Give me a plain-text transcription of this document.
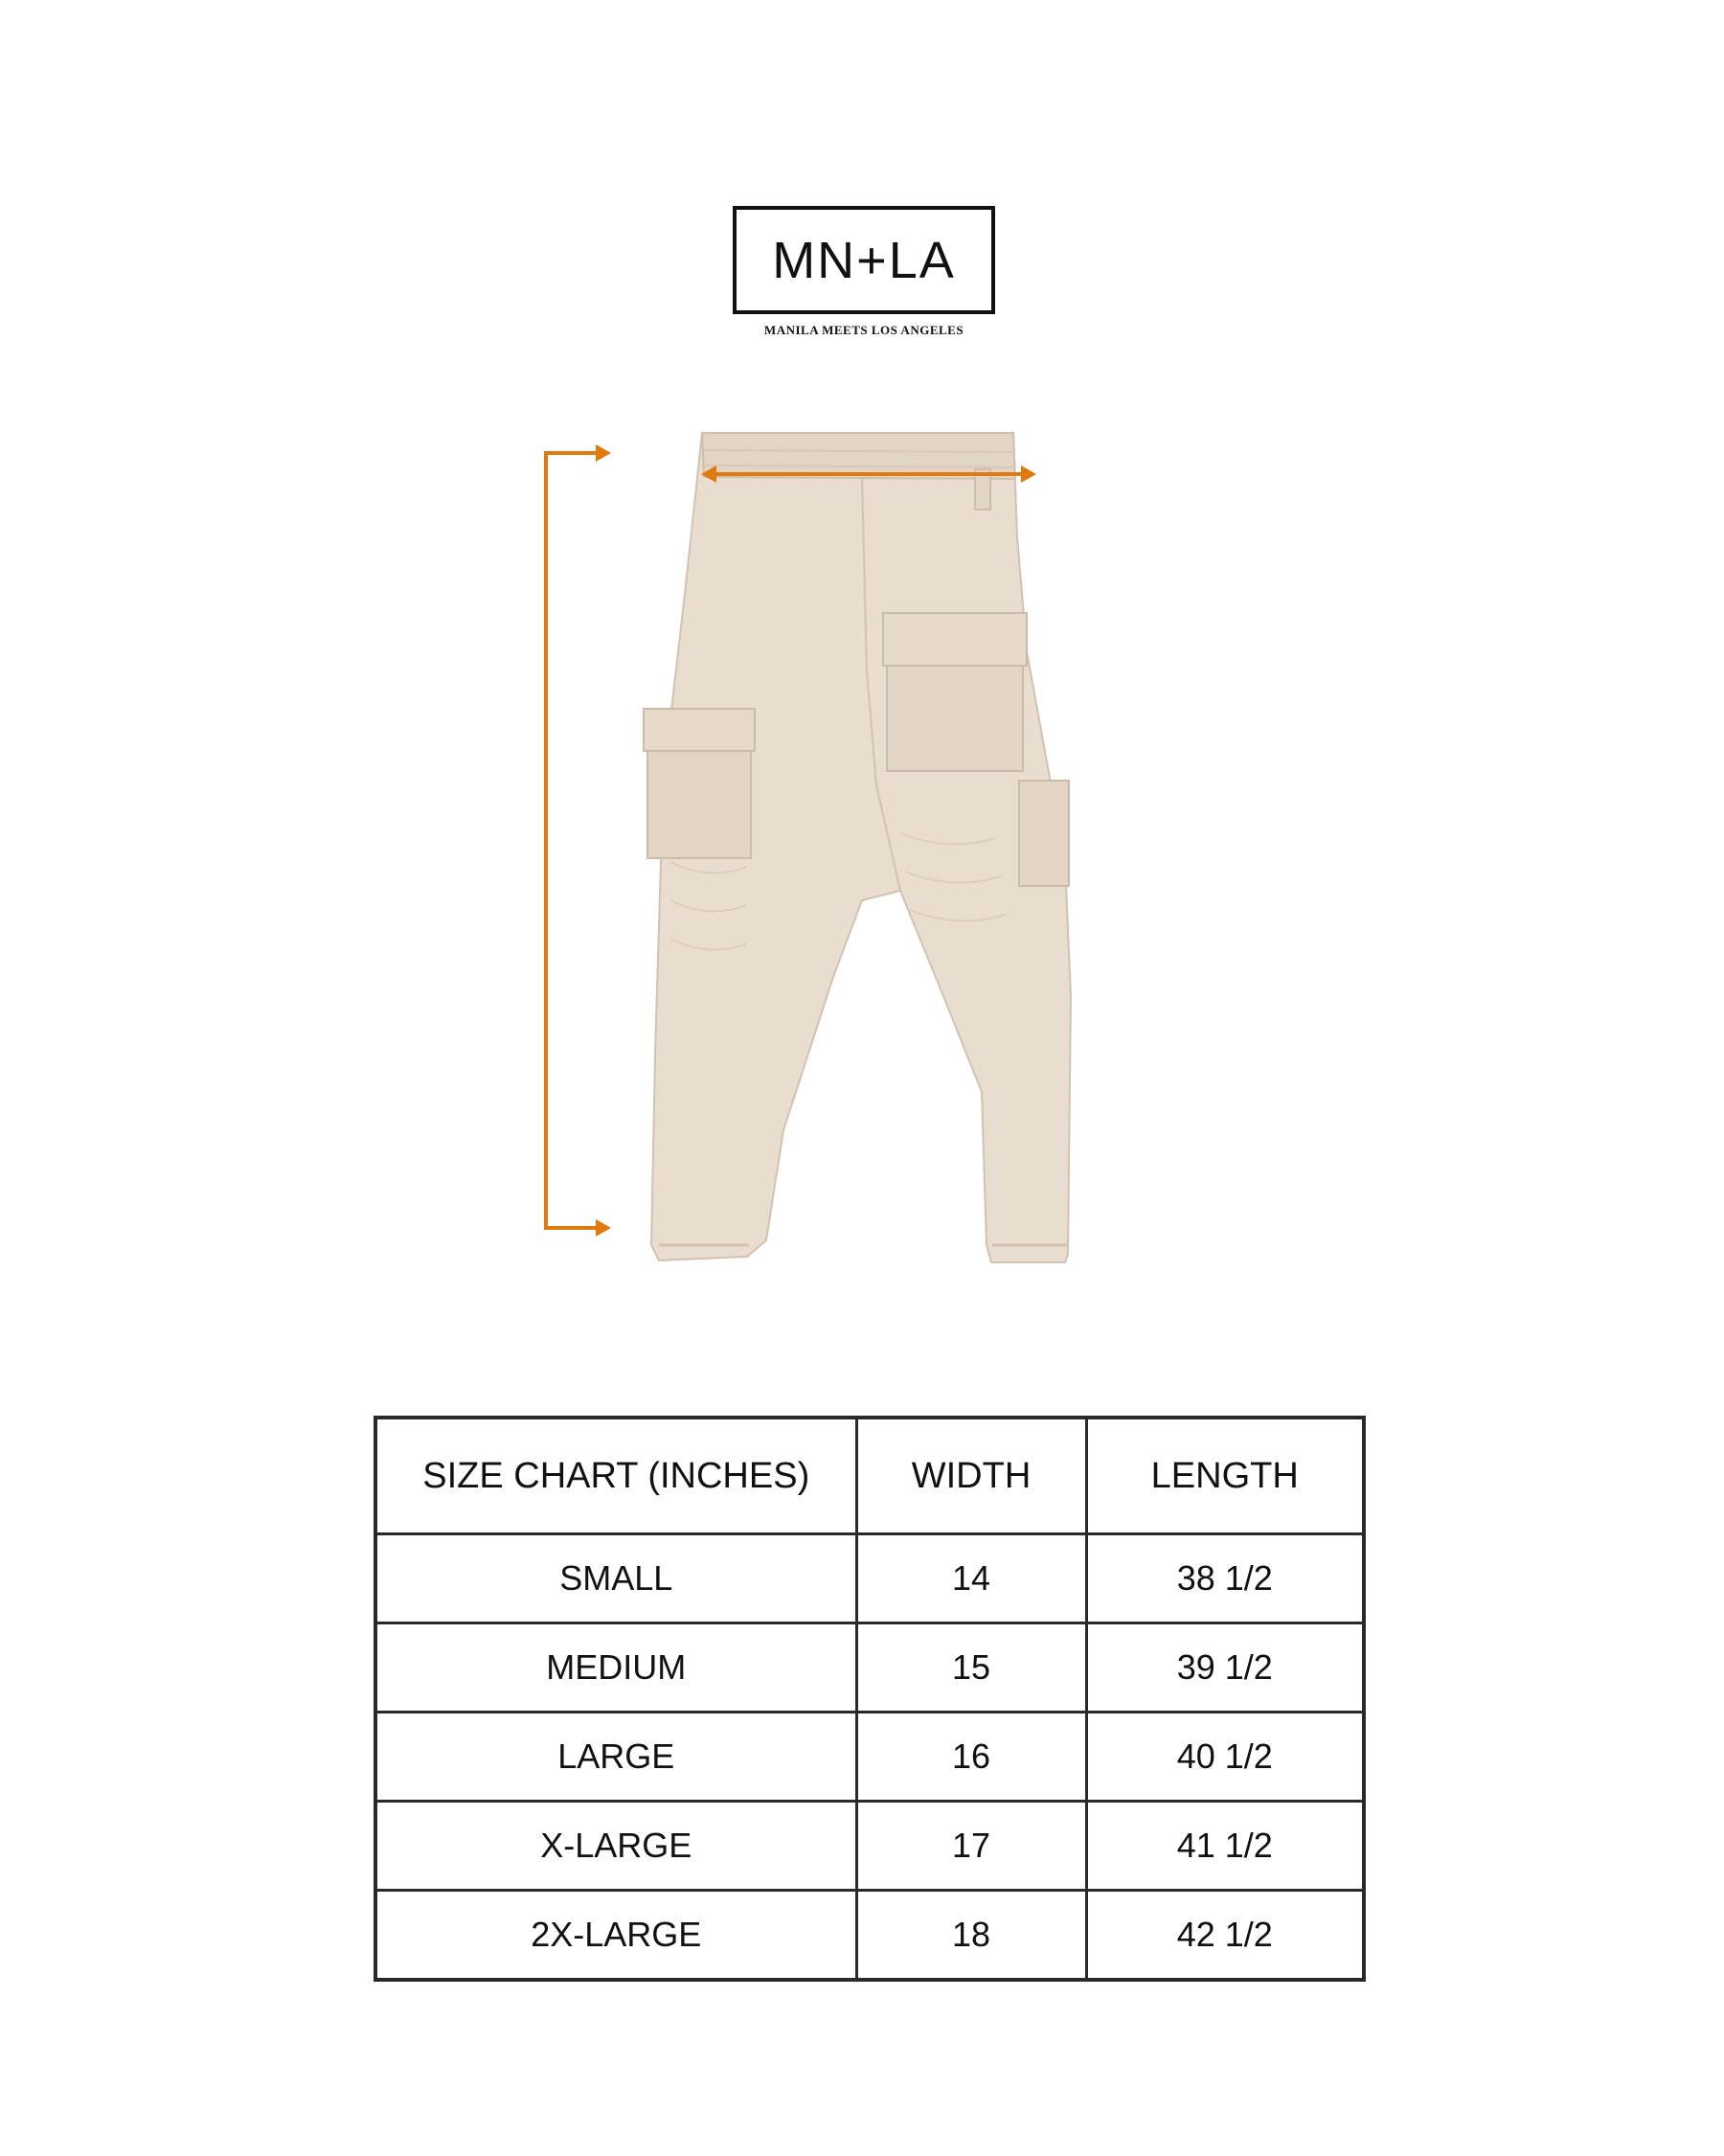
MN+LA
MANILA MEETS LOS ANGELES
SIZE CHART (INCHES)	WIDTH	LENGTH
SMALL	14	38 1/2
MEDIUM	15	39 1/2
LARGE	16	40 1/2
X-LARGE	17	41 1/2
2X-LARGE	18	42 1/2
